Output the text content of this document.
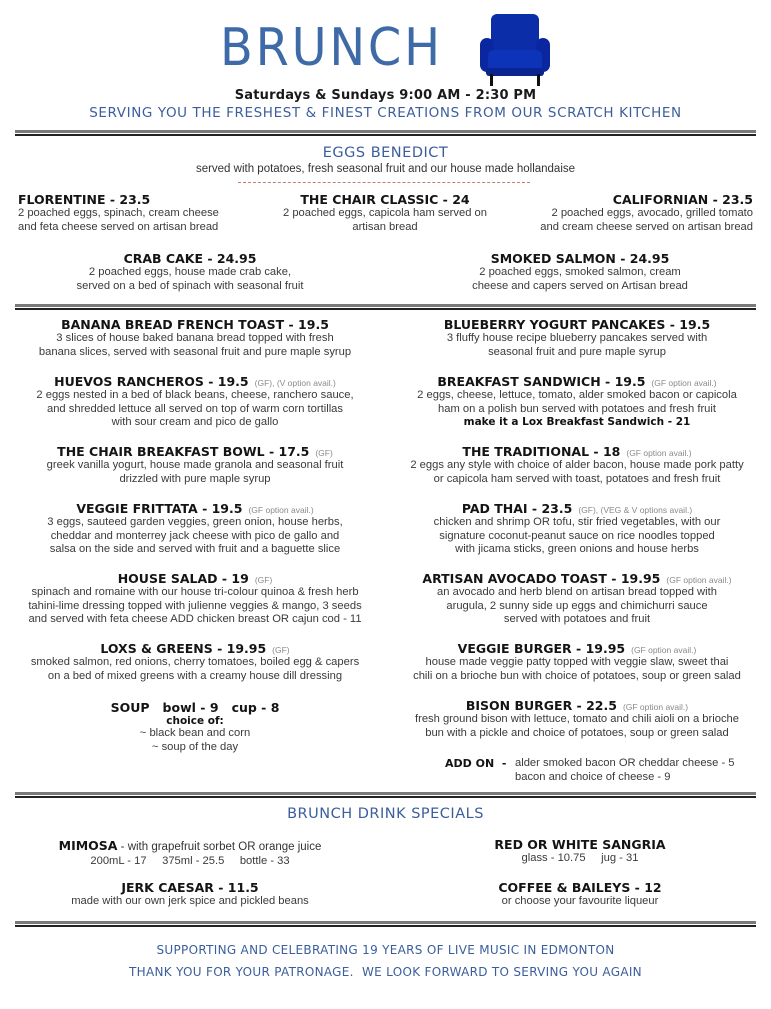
BRUNCH
Saturdays & Sundays 9:00 AM - 2:30 PM
SERVING YOU THE FRESHEST & FINEST CREATIONS FROM OUR SCRATCH KITCHEN
EGGS BENEDICT
served with potatoes, fresh seasonal fruit and our house made hollandaise
FLORENTINE - 23.5
2 poached eggs, spinach, cream cheese
and feta cheese served on artisan bread
THE CHAIR CLASSIC - 24
2 poached eggs, capicola ham served on
artisan bread
CALIFORNIAN - 23.5
2 poached eggs, avocado, grilled tomato
and cream cheese served on artisan bread
CRAB CAKE - 24.95
2 poached eggs, house made crab cake,
served on a bed of spinach with seasonal fruit
SMOKED SALMON - 24.95
2 poached eggs, smoked salmon, cream
cheese and capers served on Artisan bread
BANANA BREAD FRENCH TOAST - 19.5
3 slices of house baked banana bread topped with fresh
banana slices, served with seasonal fruit and pure maple syrup
HUEVOS RANCHEROS - 19.5 (GF), (V option avail.)
2 eggs nested in a bed of black beans, cheese, ranchero sauce,
and shredded lettuce all served on top of warm corn tortillas
with sour cream and pico de gallo
THE CHAIR BREAKFAST BOWL - 17.5 (GF)
greek vanilla yogurt, house made granola and seasonal fruit
drizzled with pure maple syrup
VEGGIE FRITTATA - 19.5 (GF option avail.)
3 eggs, sauteed garden veggies, green onion, house herbs,
cheddar and monterrey jack cheese with pico de gallo and
salsa on the side and served with fruit and a baguette slice
HOUSE SALAD - 19 (GF)
spinach and romaine with our house tri-colour quinoa & fresh herb
tahini-lime dressing topped with julienne veggies & mango, 3 seeds
and served with feta cheese ADD chicken breast OR cajun cod - 11
LOXS & GREENS - 19.95 (GF)
smoked salmon, red onions, cherry tomatoes, boiled egg & capers
on a bed of mixed greens with a creamy house dill dressing
SOUP   bowl - 9   cup - 8
choice of:
~ black bean and corn
~ soup of the day
BLUEBERRY YOGURT PANCAKES - 19.5
3 fluffy house recipe blueberry pancakes served with
seasonal fruit and pure maple syrup
BREAKFAST SANDWICH - 19.5 (GF option avail.)
2 eggs, cheese, lettuce, tomato, alder smoked bacon or capicola
ham on a polish bun served with potatoes and fresh fruit
make it a Lox Breakfast Sandwich - 21
THE TRADITIONAL - 18 (GF option avail.)
2 eggs any style with choice of alder bacon, house made pork patty
or capicola ham served with toast, potatoes and fresh fruit
PAD THAI - 23.5 (GF), (VEG & V options avail.)
chicken and shrimp OR tofu, stir fried vegetables, with our
signature coconut-peanut sauce on rice noodles topped
with jicama sticks, green onions and house herbs
ARTISAN AVOCADO TOAST - 19.95 (GF option avail.)
an avocado and herb blend on artisan bread topped with
arugula, 2 sunny side up eggs and chimichurri sauce
served with potatoes and fruit
VEGGIE BURGER - 19.95 (GF option avail.)
house made veggie patty topped with veggie slaw, sweet thai
chili on a brioche bun with choice of potatoes, soup or green salad
BISON BURGER - 22.5 (GF option avail.)
fresh ground bison with lettuce, tomato and chili aioli on a brioche
bun with a pickle and choice of potatoes, soup or green salad
ADD ON  - alder smoked bacon OR cheddar cheese - 5
bacon and choice of cheese - 9
BRUNCH DRINK SPECIALS
MIMOSA - with grapefruit sorbet OR orange juice
200mL - 17     375ml - 25.5     bottle - 33
RED OR WHITE SANGRIA
glass - 10.75     jug - 31
JERK CAESAR - 11.5
made with our own jerk spice and pickled beans
COFFEE & BAILEYS - 12
or choose your favourite liqueur
SUPPORTING AND CELEBRATING 19 YEARS OF LIVE MUSIC IN EDMONTON
THANK YOU FOR YOUR PATRONAGE.  WE LOOK FORWARD TO SERVING YOU AGAIN
